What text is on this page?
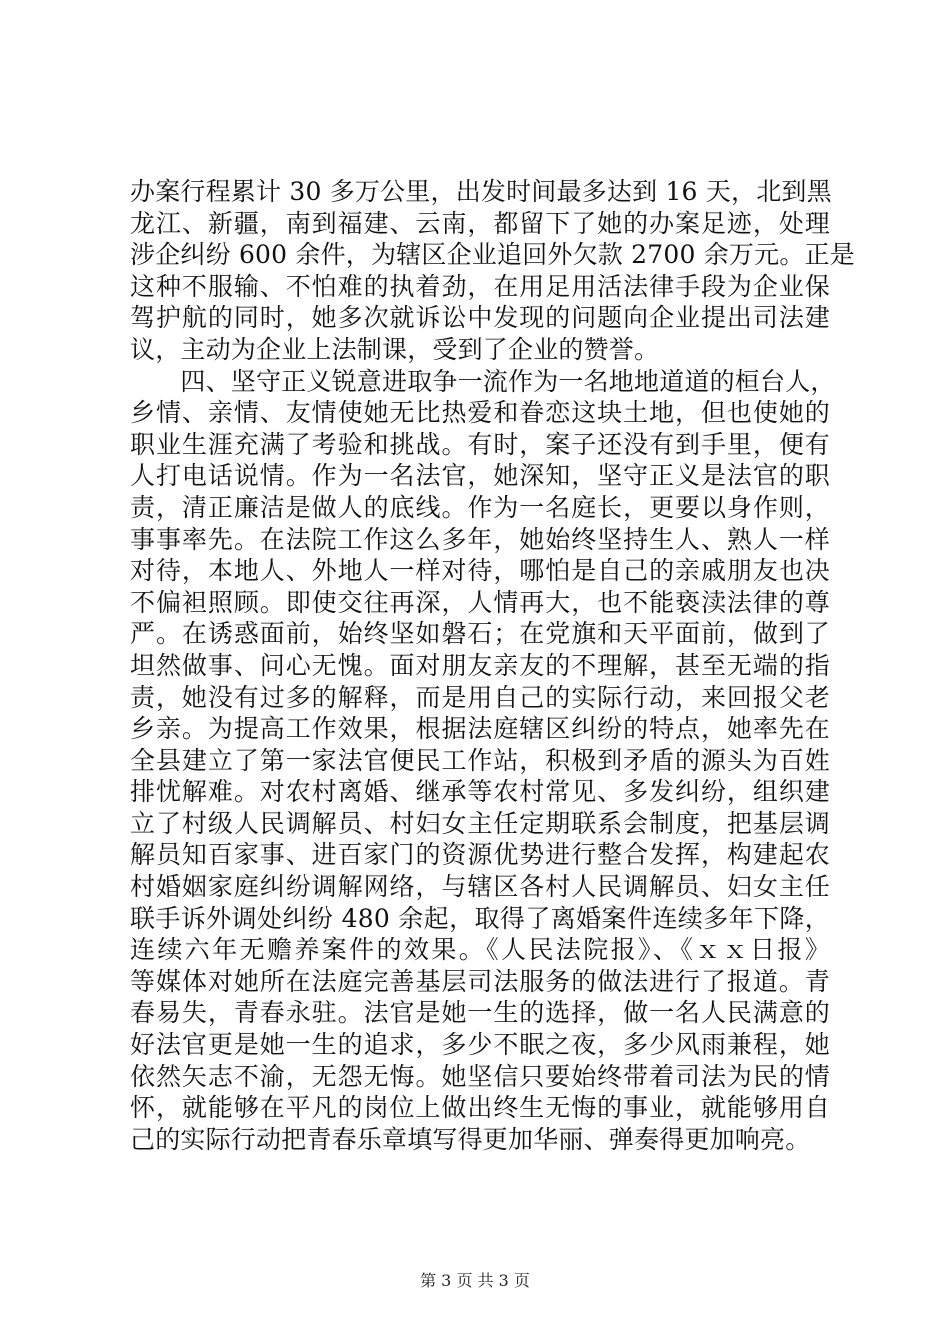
办案行程累计 30 多万公里，出发时间最多达到 16 天，北到黑
龙江、新疆，南到福建、云南，都留下了她的办案足迹，处理
涉企纠纷 600 余件，为辖区企业追回外欠款 2700 余万元。正是
这种不服输、不怕难的执着劲，在用足用活法律手段为企业保
驾护航的同时，她多次就诉讼中发现的问题向企业提出司法建
议，主动为企业上法制课，受到了企业的赞誉。
　　四、坚守正义锐意进取争一流作为一名地地道道的桓台人，
乡情、亲情、友情使她无比热爱和眷恋这块土地，但也使她的
职业生涯充满了考验和挑战。有时，案子还没有到手里，便有
人打电话说情。作为一名法官，她深知，坚守正义是法官的职
责，清正廉洁是做人的底线。作为一名庭长，更要以身作则，
事事率先。在法院工作这么多年，她始终坚持生人、熟人一样
对待，本地人、外地人一样对待，哪怕是自己的亲戚朋友也决
不偏袒照顾。即使交往再深，人情再大，也不能亵渎法律的尊
严。在诱惑面前，始终坚如磐石；在党旗和天平面前，做到了
坦然做事、问心无愧。面对朋友亲友的不理解，甚至无端的指
责，她没有过多的解释，而是用自己的实际行动，来回报父老
乡亲。为提高工作效果，根据法庭辖区纠纷的特点，她率先在
全县建立了第一家法官便民工作站，积极到矛盾的源头为百姓
排忧解难。对农村离婚、继承等农村常见、多发纠纷，组织建
立了村级人民调解员、村妇女主任定期联系会制度，把基层调
解员知百家事、进百家门的资源优势进行整合发挥，构建起农
村婚姻家庭纠纷调解网络，与辖区各村人民调解员、妇女主任
联手诉外调处纠纷 480 余起，取得了离婚案件连续多年下降，
连续六年无赡养案件的效果。《人民法院报》、《ｘｘ日报》
等媒体对她所在法庭完善基层司法服务的做法进行了报道。青
春易失，青春永驻。法官是她一生的选择，做一名人民满意的
好法官更是她一生的追求，多少不眠之夜，多少风雨兼程，她
依然矢志不渝，无怨无悔。她坚信只要始终带着司法为民的情
怀，就能够在平凡的岗位上做出终生无悔的事业，就能够用自
己的实际行动把青春乐章填写得更加华丽、弹奏得更加响亮。
第 3 页 共 3 页
